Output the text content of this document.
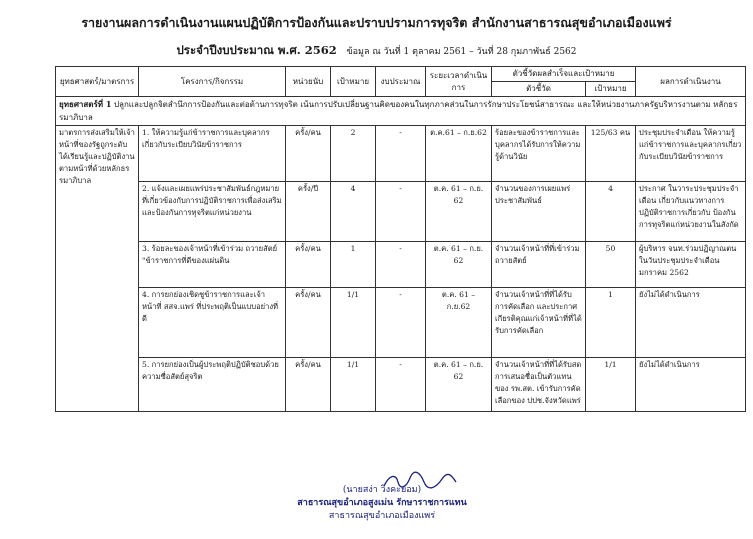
รายงานผลการดำเนินงานแผนปฏิบัติการป้องกันและปราบปรามการทุจริต สำนักงานสาธารณสุขอำเภอเมืองแพร่
ประจำปีงบประมาณ พ.ศ. 2562 ข้อมูล ณ วันที่ 1 ตุลาคม 2561 – วันที่ 28 กุมภาพันธ์ 2562
ยุทธศาสตร์/มาตรการ	โครงการ/กิจกรรม	หน่วยนับ	เป้าหมาย	งบประมาณ	ระยะเวลาดำเนินการ	ตัวชี้วัดผลสำเร็จและเป้าหมาย		ผลการดำเนินงาน
						ตัวชี้วัด	เป้าหมาย	
ยุทธศาสตร์ที่ 1 ปลูกและปลูกจิตสำนึกการป้องกันและต่อต้านการทุจริต เน้นการปรับเปลี่ยนฐานคิดของคนในทุกภาคส่วนในการรักษาประโยชน์สาธารณะ และให้หน่วยงานภาครัฐบริหารงานตาม หลักธรรมาภิบาล								
มาตรการส่งเสริมให้เจ้าหน้าที่ของรัฐถูกระดับได้เรียนรู้และปฏิบัติงานตามหน้าที่ด้วยหลักธรรมาภิบาล	1. ให้ความรู้แก่ข้าราชการและบุคลากรเกี่ยวกับระเบียบวินัยข้าราชการ	ครั้ง/คน	2	-	ต.ค.61 – ก.ย.62	ร้อยละของข้าราชการและบุคลากรได้รับการให้ความรู้ด้านวินัย	125/63 คน	ประชุมประจำเดือน ให้ความรู้แก่ข้าราชการและบุคลากรเกี่ยวกับระเบียบวินัยข้าราชการ
	2. แจ้งและเผยแพร่ประชาสัมพันธ์กฎหมายที่เกี่ยวข้องกับการปฏิบัติราชการเพื่อส่งเสริมและป้องกันการทุจริตแก่หน่วยงาน	ครั้ง/ปี	4	-	ต.ค. 61 – ก.ย. 62	จำนวนของการเผยแพร่ประชาสัมพันธ์	4	ประกาศ ในวาระประชุมประจำเดือน เกี่ยวกับแนวทางการปฏิบัติราชการเกี่ยวกับ ป้องกันการทุจริตแก่หน่วยงานในสังกัด
	3. ร้อยละของเจ้าหน้าที่เข้าร่วม ถวายสัตย์ "ข้าราชการที่ดีของแผ่นดิน	ครั้ง/คน	1	-	ต.ค. 61 – ก.ย. 62	จำนวนเจ้าหน้าที่ที่เข้าร่วมถวายสัตย์	50	ผู้บริหาร จนท.ร่วมปฏิญาณตนในวันประชุมประจำเดือนมกราคม 2562
	4. การยกย่องเชิดชูข้าราชการและเจ้าหน้าที่ สสจ.แพร่ ที่ประพฤติเป็นแบบอย่างที่ดี	ครั้ง/คน	1/1	-	ต.ค. 61 – ก.ย.62	จำนวนเจ้าหน้าที่ที่ได้รับการคัดเลือก และประกาศเกียรติคุณแก่เจ้าหน้าที่ที่ได้รับการคัดเลือก	1	ยังไม่ได้ดำเนินการ
	5. การยกย่องเป็นผู้ประพฤติปฏิบัติชอบด้วยความซื่อสัตย์สุจริต	ครั้ง/คน	1/1	-	ต.ค. 61 – ก.ย. 62	จำนวนเจ้าหน้าที่ที่ได้รับสดการเสนอชื่อเป็นตัวแทนของ รพ.สต. เข้ารับการคัดเลือกของ ปปช.จังหวัดแพร่	1/1	ยังไม่ได้ดำเนินการ
(นายสง่า วิงคะยอม)
สาธารณสุขอำเภอสูงเม่น รักษาราชการแทน
สาธารณสุขอำเภอเมืองแพร่
